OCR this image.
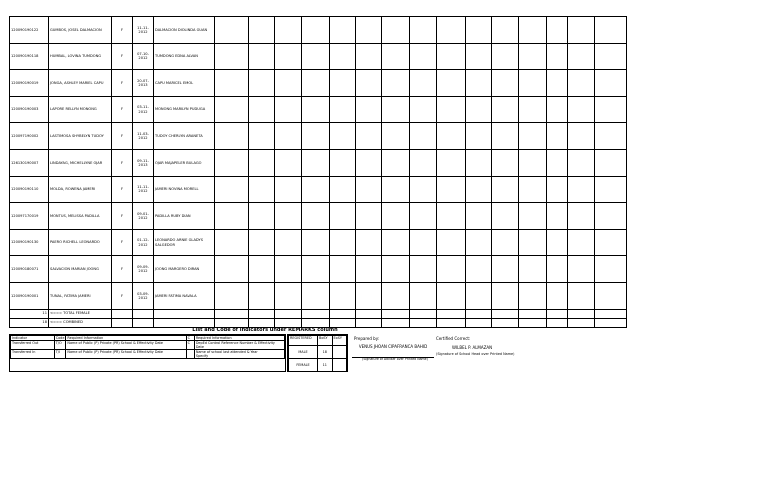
120090190122	GUMBOS, JOSEL DALMACION	F	11-11-2012	DALMACION DIOLINDA GUAN															
120090190118	HUMBAL, LOVINA TUMDONG	F	07-10-2012	TUMDONG EDNA ALVAN															
120090190019	JONGA, ASHLEY MARIEL CAPU	F	20-07-2013	CAPU MARICEL EMOL															
120090190003	LAPORE RELLYN MONONG	F	03-11-2012	MONONG MARILYN PUDUGA															
120097190002	LASTIMOSA SHYBELYN TUDOY	F	11-03-2012	TUDOY CHERLYN ARANETA															
126130190007	LINDAYAG, MICHELLYNE OJAR	F	09-11-2013	OJAR MAJAPELER BULAGO															
120090190110	MOLDA, ROWENA JAMERI	F	11-11-2012	JAMERI NOVINA MORELL															
120097170019	MONTUS, MELISSA PADILLA	F	09-01-2012	PADILLA RUBY DIAN															
120090190130	PAERO RICHELL LEONARDO	F	01-12-2012	LEONARDO ARNIE GLADYS SALGEDOR															
120090180071	SALVACION MARIAN JOONG	F	09-09-2012	JOONG MARGERO DIRAN															
120090190001	TUNAL, FATIMA JAMERI	F	03-09-2012	JAMERI FATIMA NAVALA															
11	<=== TOTAL FEMALE																		
18	<=== COMBINED																		
List and Code of Indicators under REMARKS column
Indicator	Code	Required Information	C	Required Information
Transferred Out	T/O	Name of Public (P) Private (PR) School & Effectivity Date	C	DepEd Control Reference Number & Effectivity Date
Transferred In	T/I	Name of Public (P) Private (PR) School & Effectivity Date		Name of school last attended & Year
Specify
REGISTERED	BoSY	EoSY
MALE	18	
FEMALE	11	
Prepared by:
VENUS JHOAN CIPAFRANCA BAHID
(Signature of Adviser over Printed Name)
Certified Correct:
WILBEL P. ALMAZAN
(Signature of School Head over Printed Name)
